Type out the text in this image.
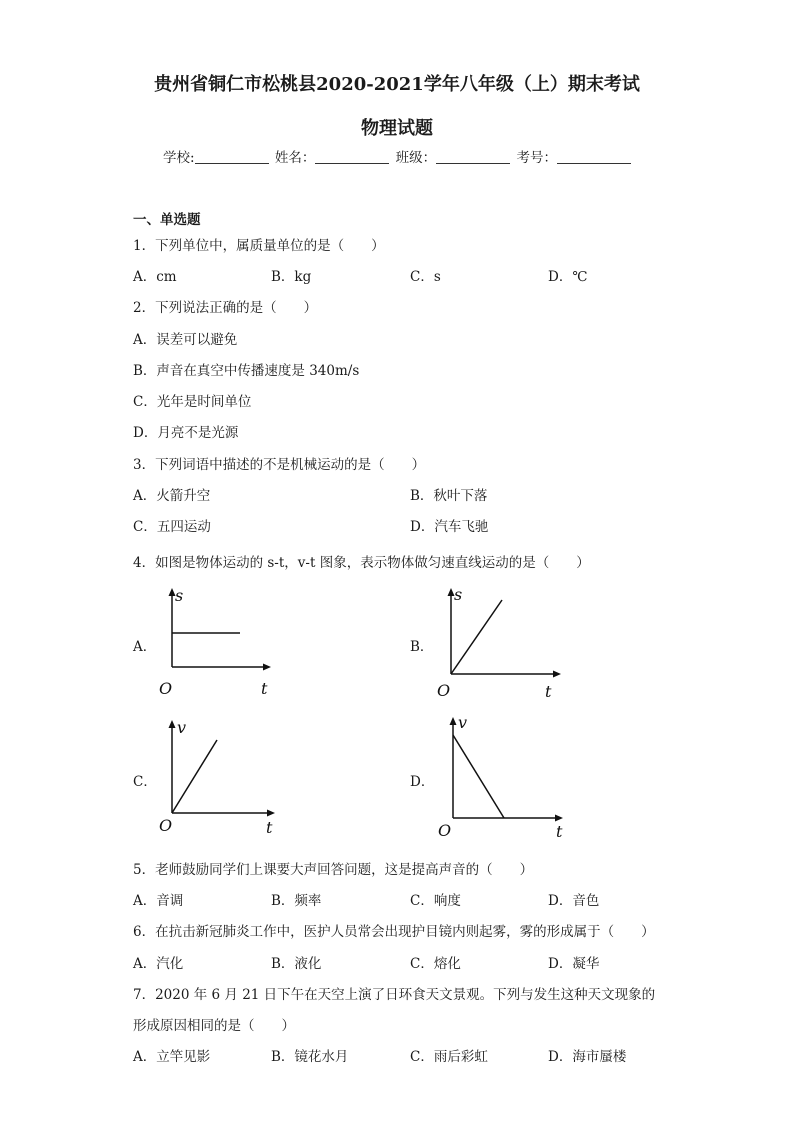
贵州省铜仁市松桃县2020-2021学年八年级（上）期末考试
物理试题
学校:	姓名：	班级：	考号：
一、单选题
1．下列单位中，属质量单位的是（　　）
A．cm	B．kg	C．s	D．℃
2．下列说法正确的是（　　）
A．误差可以避免
B．声音在真空中传播速度是 340m/s
C．光年是时间单位
D．月亮不是光源
3．下列词语中描述的不是机械运动的是（　　）
A．火箭升空	B．秋叶下落
C．五四运动	D．汽车飞驰
4．如图是物体运动的 s-t，v-t 图象，表示物体做匀速直线运动的是（　　）
A．
s
t
O
B．
s
t
O
C．
v
t
O
D．
v
t
O
5．老师鼓励同学们上课要大声回答问题，这是提高声音的（　　）
A．音调	B．频率	C．响度	D．音色
6．在抗击新冠肺炎工作中，医护人员常会出现护目镜内则起雾，雾的形成属于（　　）
A．汽化	B．液化	C．熔化	D．凝华
7．2020 年 6 月 21 日下午在天空上演了日环食天文景观。下列与发生这种天文现象的
形成原因相同的是（　　）
A．立竿见影	B．镜花水月	C．雨后彩虹	D．海市蜃楼
